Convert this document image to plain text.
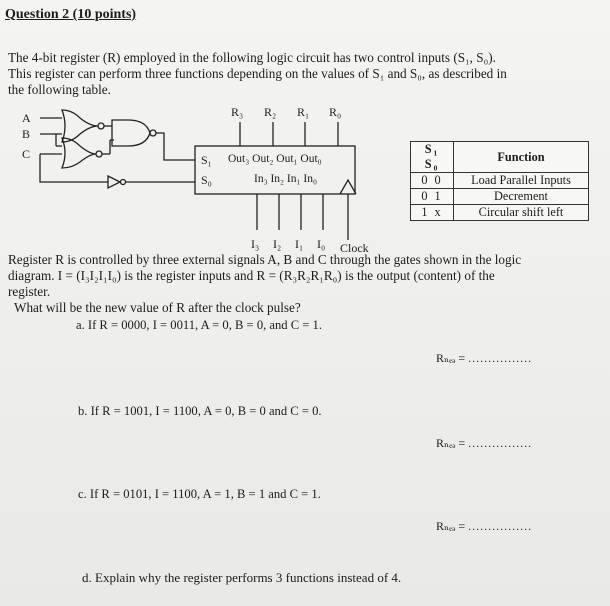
Question 2 (10 points)
The 4-bit register (R) employed in the following logic circuit has two control inputs (S₁, S₀).
This register can perform three functions depending on the values of S₁ and S₀, as described in
the following table.
A
B
C
R₃ R₂ R₁ R₀
S₁
S₀
Out₃ Out₂ Out₁ Out₀
In₃ In₂ In₁ In₀
I₃ I₂ I₁ I₀ Clock
S₁ S₀	Function
0 0	Load Parallel Inputs
0 1	Decrement
1 x	Circular shift left
Register R is controlled by three external signals A, B and C through the gates shown in the logic
diagram. I = (I₃I₂I₁I₀) is the register inputs and R = (R₃R₂R₁R₀) is the output (content) of the
register.
What will be the new value of R after the clock pulse?
a. If R = 0000, I = 0011, A = 0, B = 0, and C = 1.
Rₙₑₔ = ................
b. If R = 1001, I = 1100, A = 0, B = 0 and C = 0.
Rₙₑₔ = ................
c. If R = 0101, I = 1100, A = 1, B = 1 and C = 1.
Rₙₑₔ = ................
d. Explain why the register performs 3 functions instead of 4.
